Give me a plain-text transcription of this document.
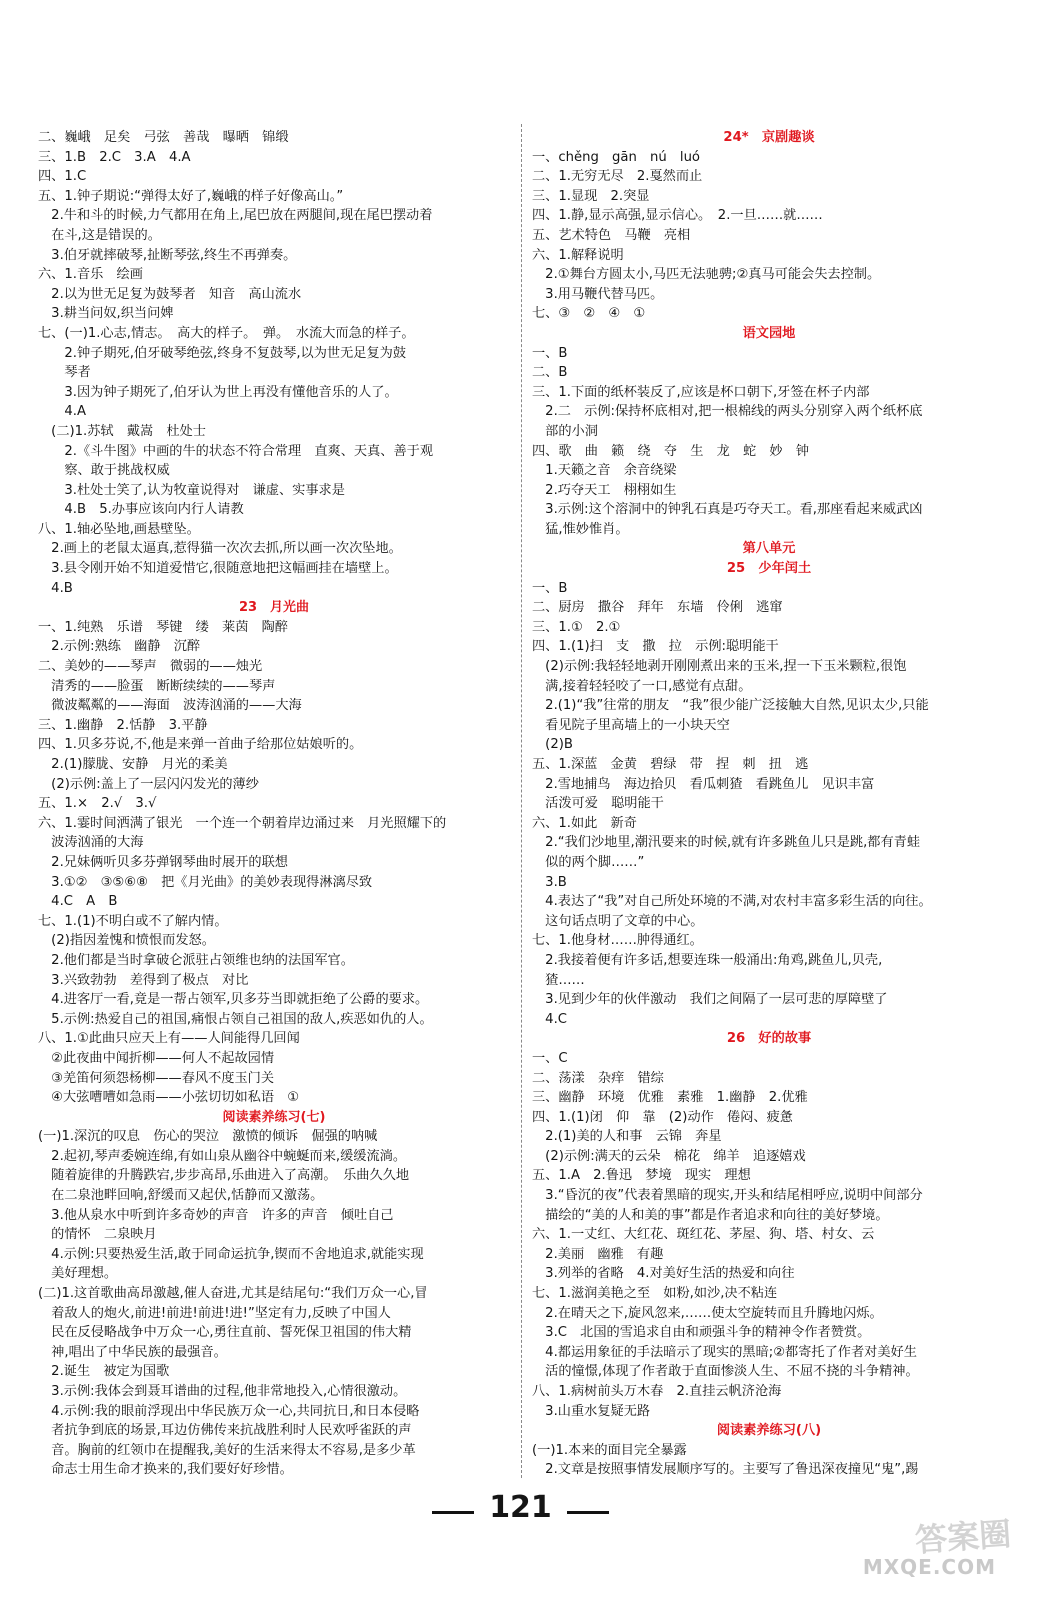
二、巍峨　足矣　弓弦　善哉　曝晒　锦缎
三、1.B　2.C　3.A　4.A
四、1.C
五、1.钟子期说:“弹得太好了,巍峨的样子好像高山。”
　2.牛和斗的时候,力气都用在角上,尾巴放在两腿间,现在尾巴摆动着
　在斗,这是错误的。
　3.伯牙就摔破琴,扯断琴弦,终生不再弹奏。
六、1.音乐　绘画
　2.以为世无足复为鼓琴者　知音　高山流水
　3.耕当问奴,织当问婢
七、(一)1.心志,情志。　高大的样子。　弹。　水流大而急的样子。
　　2.钟子期死,伯牙破琴绝弦,终身不复鼓琴,以为世无足复为鼓
　　琴者
　　3.因为钟子期死了,伯牙认为世上再没有懂他音乐的人了。
　　4.A
　(二)1.苏轼　戴嵩　杜处士
　　2.《斗牛图》中画的牛的状态不符合常理　直爽、天真、善于观
　　察、敢于挑战权威
　　3.杜处士笑了,认为牧童说得对　谦虚、实事求是
　　4.B　5.办事应该向内行人请教
八、1.轴必坠地,画悬壁坠。
　2.画上的老鼠太逼真,惹得猫一次次去抓,所以画一次次坠地。
　3.县令刚开始不知道爱惜它,很随意地把这幅画挂在墙壁上。
　4.B
23　月光曲
一、1.纯熟　乐谱　琴键　缕　莱茵　陶醉
　2.示例:熟练　幽静　沉醉
二、美妙的——琴声　微弱的——烛光
　清秀的——脸蛋　断断续续的——琴声
　微波粼粼的——海面　波涛汹涌的——大海
三、1.幽静　2.恬静　3.平静
四、1.贝多芬说,不,他是来弹一首曲子给那位姑娘听的。
　2.(1)朦胧、安静　月光的柔美
　(2)示例:盖上了一层闪闪发光的薄纱
五、1.×　2.√　3.√
六、1.霎时间洒满了银光　一个连一个朝着岸边涌过来　月光照耀下的
　波涛汹涌的大海
　2.兄妹俩听贝多芬弹钢琴曲时展开的联想
　3.①②　③⑤⑥⑧　把《月光曲》的美妙表现得淋漓尽致
　4.C　A　B
七、1.(1)不明白或不了解内情。
　(2)指因羞愧和愤恨而发怒。
　2.他们都是当时拿破仑派驻占领维也纳的法国军官。
　3.兴致勃勃　差得到了极点　对比
　4.进客厅一看,竟是一帮占领军,贝多芬当即就拒绝了公爵的要求。
　5.示例:热爱自己的祖国,痛恨占领自己祖国的敌人,疾恶如仇的人。
八、1.①此曲只应天上有——人间能得几回闻
　②此夜曲中闻折柳——何人不起故园情
　③羌笛何须怨杨柳——春风不度玉门关
　④大弦嘈嘈如急雨——小弦切切如私语　①
阅读素养练习(七)
(一)1.深沉的叹息　伤心的哭泣　激愤的倾诉　倔强的呐喊
　2.起初,琴声委婉连绵,有如山泉从幽谷中蜿蜒而来,缓缓流淌。
　随着旋律的升腾跌宕,步步高昂,乐曲进入了高潮。　乐曲久久地
　在二泉池畔回响,舒缓而又起伏,恬静而又激荡。
　3.他从泉水中听到许多奇妙的声音　许多的声音　倾吐自己
　的情怀　二泉映月
　4.示例:只要热爱生活,敢于同命运抗争,锲而不舍地追求,就能实现
　美好理想。
(二)1.这首歌曲高昂激越,催人奋进,尤其是结尾句:“我们万众一心,冒
　着敌人的炮火,前进!前进!前进!进!”坚定有力,反映了中国人
　民在反侵略战争中万众一心,勇往直前、誓死保卫祖国的伟大精
　神,唱出了中华民族的最强音。
　2.诞生　被定为国歌
　3.示例:我体会到聂耳谱曲的过程,他非常地投入,心情很激动。
　4.示例:我的眼前浮现出中华民族万众一心,共同抗日,和日本侵略
　者抗争到底的场景,耳边仿佛传来抗战胜利时人民欢呼雀跃的声
　音。胸前的红领巾在提醒我,美好的生活来得太不容易,是多少革
　命志士用生命才换来的,我们要好好珍惜。
24*　京剧趣谈
一、chěng　gān　nú　luó
二、1.无穷无尽　2.戛然而止
三、1.显现　2.突显
四、1.静,显示高强,显示信心。　2.一旦……就……
五、艺术特色　马鞭　亮相
六、1.解释说明
　2.①舞台方圆太小,马匹无法驰骋;②真马可能会失去控制。
　3.用马鞭代替马匹。
七、③　②　④　①
语文园地
一、B
二、B
三、1.下面的纸杯装反了,应该是杯口朝下,牙签在杯子内部
　2.二　示例:保持杯底相对,把一根棉线的两头分别穿入两个纸杯底
　部的小洞
四、歌　曲　籁　绕　夺　生　龙　蛇　妙　钟
　1.天籁之音　余音绕梁
　2.巧夺天工　栩栩如生
　3.示例:这个溶洞中的钟乳石真是巧夺天工。看,那座看起来威武凶
　猛,惟妙惟肖。
第八单元
25　少年闰土
一、B
二、厨房　撒谷　拜年　东墙　伶俐　逃窜
三、1.①　2.①
四、1.(1)扫　支　撒　拉　示例:聪明能干
　(2)示例:我轻轻地剥开刚刚煮出来的玉米,捏一下玉米颗粒,很饱
　满,接着轻轻咬了一口,感觉有点甜。
　2.(1)“我”往常的朋友　“我”很少能广泛接触大自然,见识太少,只能
　看见院子里高墙上的一小块天空
　(2)B
五、1.深蓝　金黄　碧绿　带　捏　刺　扭　逃
　2.雪地捕鸟　海边拾贝　看瓜刺猹　看跳鱼儿　见识丰富
　活泼可爱　聪明能干
六、1.如此　新奇
　2.“我们沙地里,潮汛要来的时候,就有许多跳鱼儿只是跳,都有青蛙
　似的两个脚……”
　3.B
　4.表达了“我”对自己所处环境的不满,对农村丰富多彩生活的向往。
　这句话点明了文章的中心。
七、1.他身材……肿得通红。
　2.我接着便有许多话,想要连珠一般涌出:角鸡,跳鱼儿,贝壳,
　猹……
　3.见到少年的伙伴激动　我们之间隔了一层可悲的厚障壁了
　4.C
26　好的故事
一、C
二、荡漾　杂痒　错综
三、幽静　环境　优雅　素雅　1.幽静　2.优雅
四、1.(1)闭　仰　靠　(2)动作　倦闷、疲惫
　2.(1)美的人和事　云锦　奔星
　(2)示例:满天的云朵　棉花　绵羊　追逐嬉戏
五、1.A　2.鲁迅　梦境　现实　理想
　3.“昏沉的夜”代表着黑暗的现实,开头和结尾相呼应,说明中间部分
　描绘的“美的人和美的事”都是作者追求和向往的美好梦境。
六、1.一丈红、大红花、斑红花、茅屋、狗、塔、村女、云
　2.美丽　幽雅　有趣
　3.列举的省略　4.对美好生活的热爱和向往
七、1.滋润美艳之至　如粉,如沙,决不粘连
　2.在晴天之下,旋风忽来,……使太空旋转而且升腾地闪烁。
　3.C　北国的雪追求自由和顽强斗争的精神令作者赞赏。
　4.都运用象征的手法暗示了现实的黑暗;②都寄托了作者对美好生
　活的憧憬,体现了作者敢于直面惨淡人生、不屈不挠的斗争精神。
八、1.病树前头万木春　2.直挂云帆济沧海
　3.山重水复疑无路
阅读素养练习(八)
(一)1.本来的面目完全暴露
　2.文章是按照事情发展顺序写的。主要写了鲁迅深夜撞见“鬼”,踢
121
答案圈
MXQE.COM
